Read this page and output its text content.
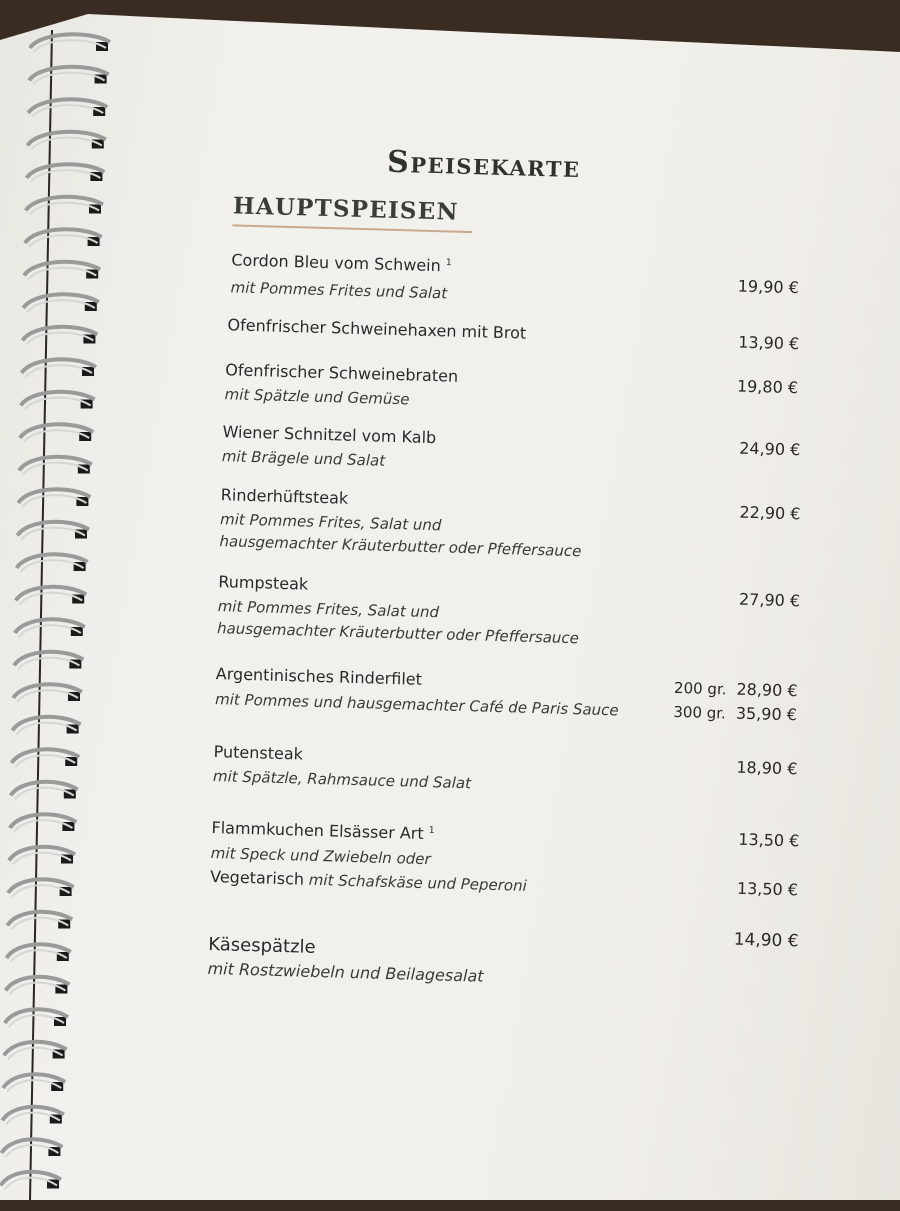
Speisekarte
HAUPTSPEISEN
Cordon Bleu vom Schwein $^1$
mit Pommes Frites und Salat	19,90 €
Ofenfrischer Schweinehaxen mit Brot
13,90 €
Ofenfrischer Schweinebraten
mit Spätzle und Gemüse	19,80 €
Wiener Schnitzel vom Kalb
mit Brägele und Salat	24,90 €
Rinderhüftsteak
mit Pommes Frites, Salat und
hausgemachter Kräuterbutter oder Pfeffersauce
22,90 €
Rumpsteak
mit Pommes Frites, Salat und
hausgemachter Kräuterbutter oder Pfeffersauce
27,90 €
Argentinisches Rinderfilet
mit Pommes und hausgemachter Café de Paris Sauce
200 gr. 28,90 €
300 gr. 35,90 €
Putensteak
mit Spätzle, Rahmsauce und Salat	18,90 €
Flammkuchen Elsässer Art $^1$
mit Speck und Zwiebeln oder
Vegetarisch mit Schafskäse und Peperoni
13,50 €
13,50 €
Käsespätzle
mit Rostzwiebeln und Beilagesalat
14,90 €
